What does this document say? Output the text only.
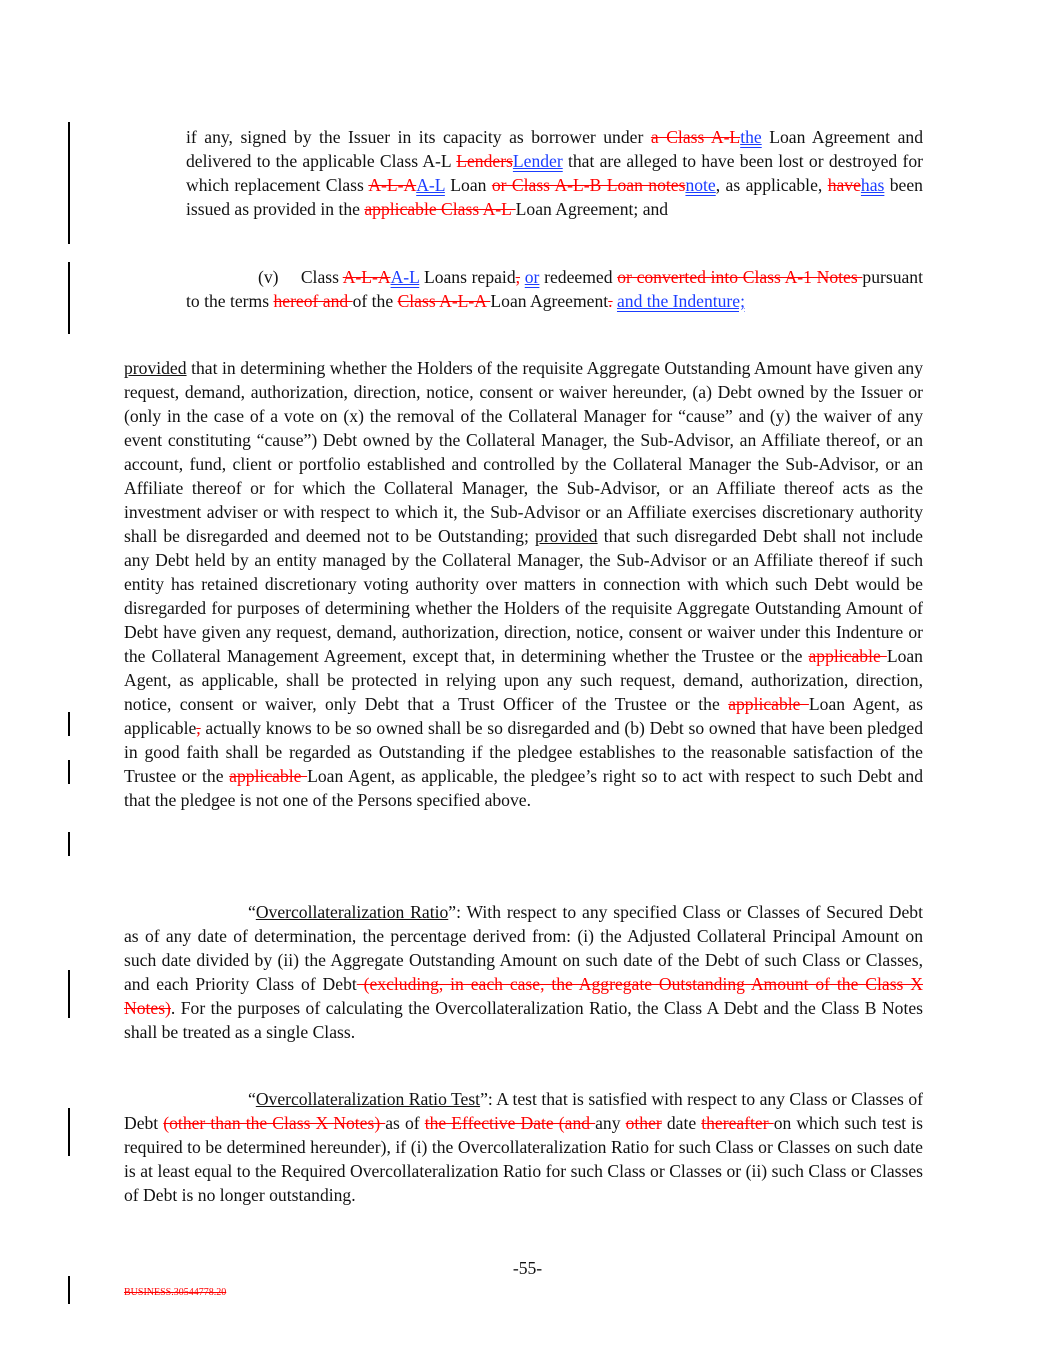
if any, signed by the Issuer in its capacity as borrower under a Class A-Lthe Loan Agreement and delivered to the applicable Class A-L LendersLender that are alleged to have been lost or destroyed for which replacement Class A-L-AA-L Loan or Class A-L-B Loan notesnote, as applicable, havehas been issued as provided in the applicable Class A-L Loan Agreement; and

(v)  Class A-L-AA-L Loans repaid, or redeemed or converted into Class A-1 Notes pursuant to the terms hereof and of the Class A-L-A Loan Agreement. and the Indenture;

provided that in determining whether the Holders of the requisite Aggregate Outstanding Amount have given any request, demand, authorization, direction, notice, consent or waiver hereunder, (a) Debt owned by the Issuer or (only in the case of a vote on (x) the removal of the Collateral Manager for “cause” and (y) the waiver of any event constituting “cause”) Debt owned by the Collateral Manager, the Sub-Advisor, an Affiliate thereof, or an account, fund, client or portfolio established and controlled by the Collateral Manager the Sub-Advisor, or an Affiliate thereof or for which the Collateral Manager, the Sub-Advisor, or an Affiliate thereof acts as the investment adviser or with respect to which it, the Sub-Advisor or an Affiliate exercises discretionary authority shall be disregarded and deemed not to be Outstanding; provided that such disregarded Debt shall not include any Debt held by an entity managed by the Collateral Manager, the Sub-Advisor or an Affiliate thereof if such entity has retained discretionary voting authority over matters in connection with which such Debt would be disregarded for purposes of determining whether the Holders of the requisite Aggregate Outstanding Amount of Debt have given any request, demand, authorization, direction, notice, consent or waiver under this Indenture or the Collateral Management Agreement, except that, in determining whether the Trustee or the applicable Loan Agent, as applicable, shall be protected in relying upon any such request, demand, authorization, direction, notice, consent or waiver, only Debt that a Trust Officer of the Trustee or the applicable Loan Agent, as applicable, actually knows to be so owned shall be so disregarded and (b) Debt so owned that have been pledged in good faith shall be regarded as Outstanding if the pledgee establishes to the reasonable satisfaction of the Trustee or the applicable Loan Agent, as applicable, the pledgee’s right so to act with respect to such Debt and that the pledgee is not one of the Persons specified above.

“Overcollateralization Ratio”: With respect to any specified Class or Classes of Secured Debt as of any date of determination, the percentage derived from: (i) the Adjusted Collateral Principal Amount on such date divided by (ii) the Aggregate Outstanding Amount on such date of the Debt of such Class or Classes, and each Priority Class of Debt (excluding, in each case, the Aggregate Outstanding Amount of the Class X Notes). For the purposes of calculating the Overcollateralization Ratio, the Class A Debt and the Class B Notes shall be treated as a single Class.

“Overcollateralization Ratio Test”: A test that is satisfied with respect to any Class or Classes of Debt (other than the Class X Notes) as of the Effective Date (and any other date thereafter on which such test is required to be determined hereunder), if (i) the Overcollateralization Ratio for such Class or Classes on such date is at least equal to the Required Overcollateralization Ratio for such Class or Classes or (ii) such Class or Classes of Debt is no longer outstanding.

-55-
BUSINESS.30544778.20
